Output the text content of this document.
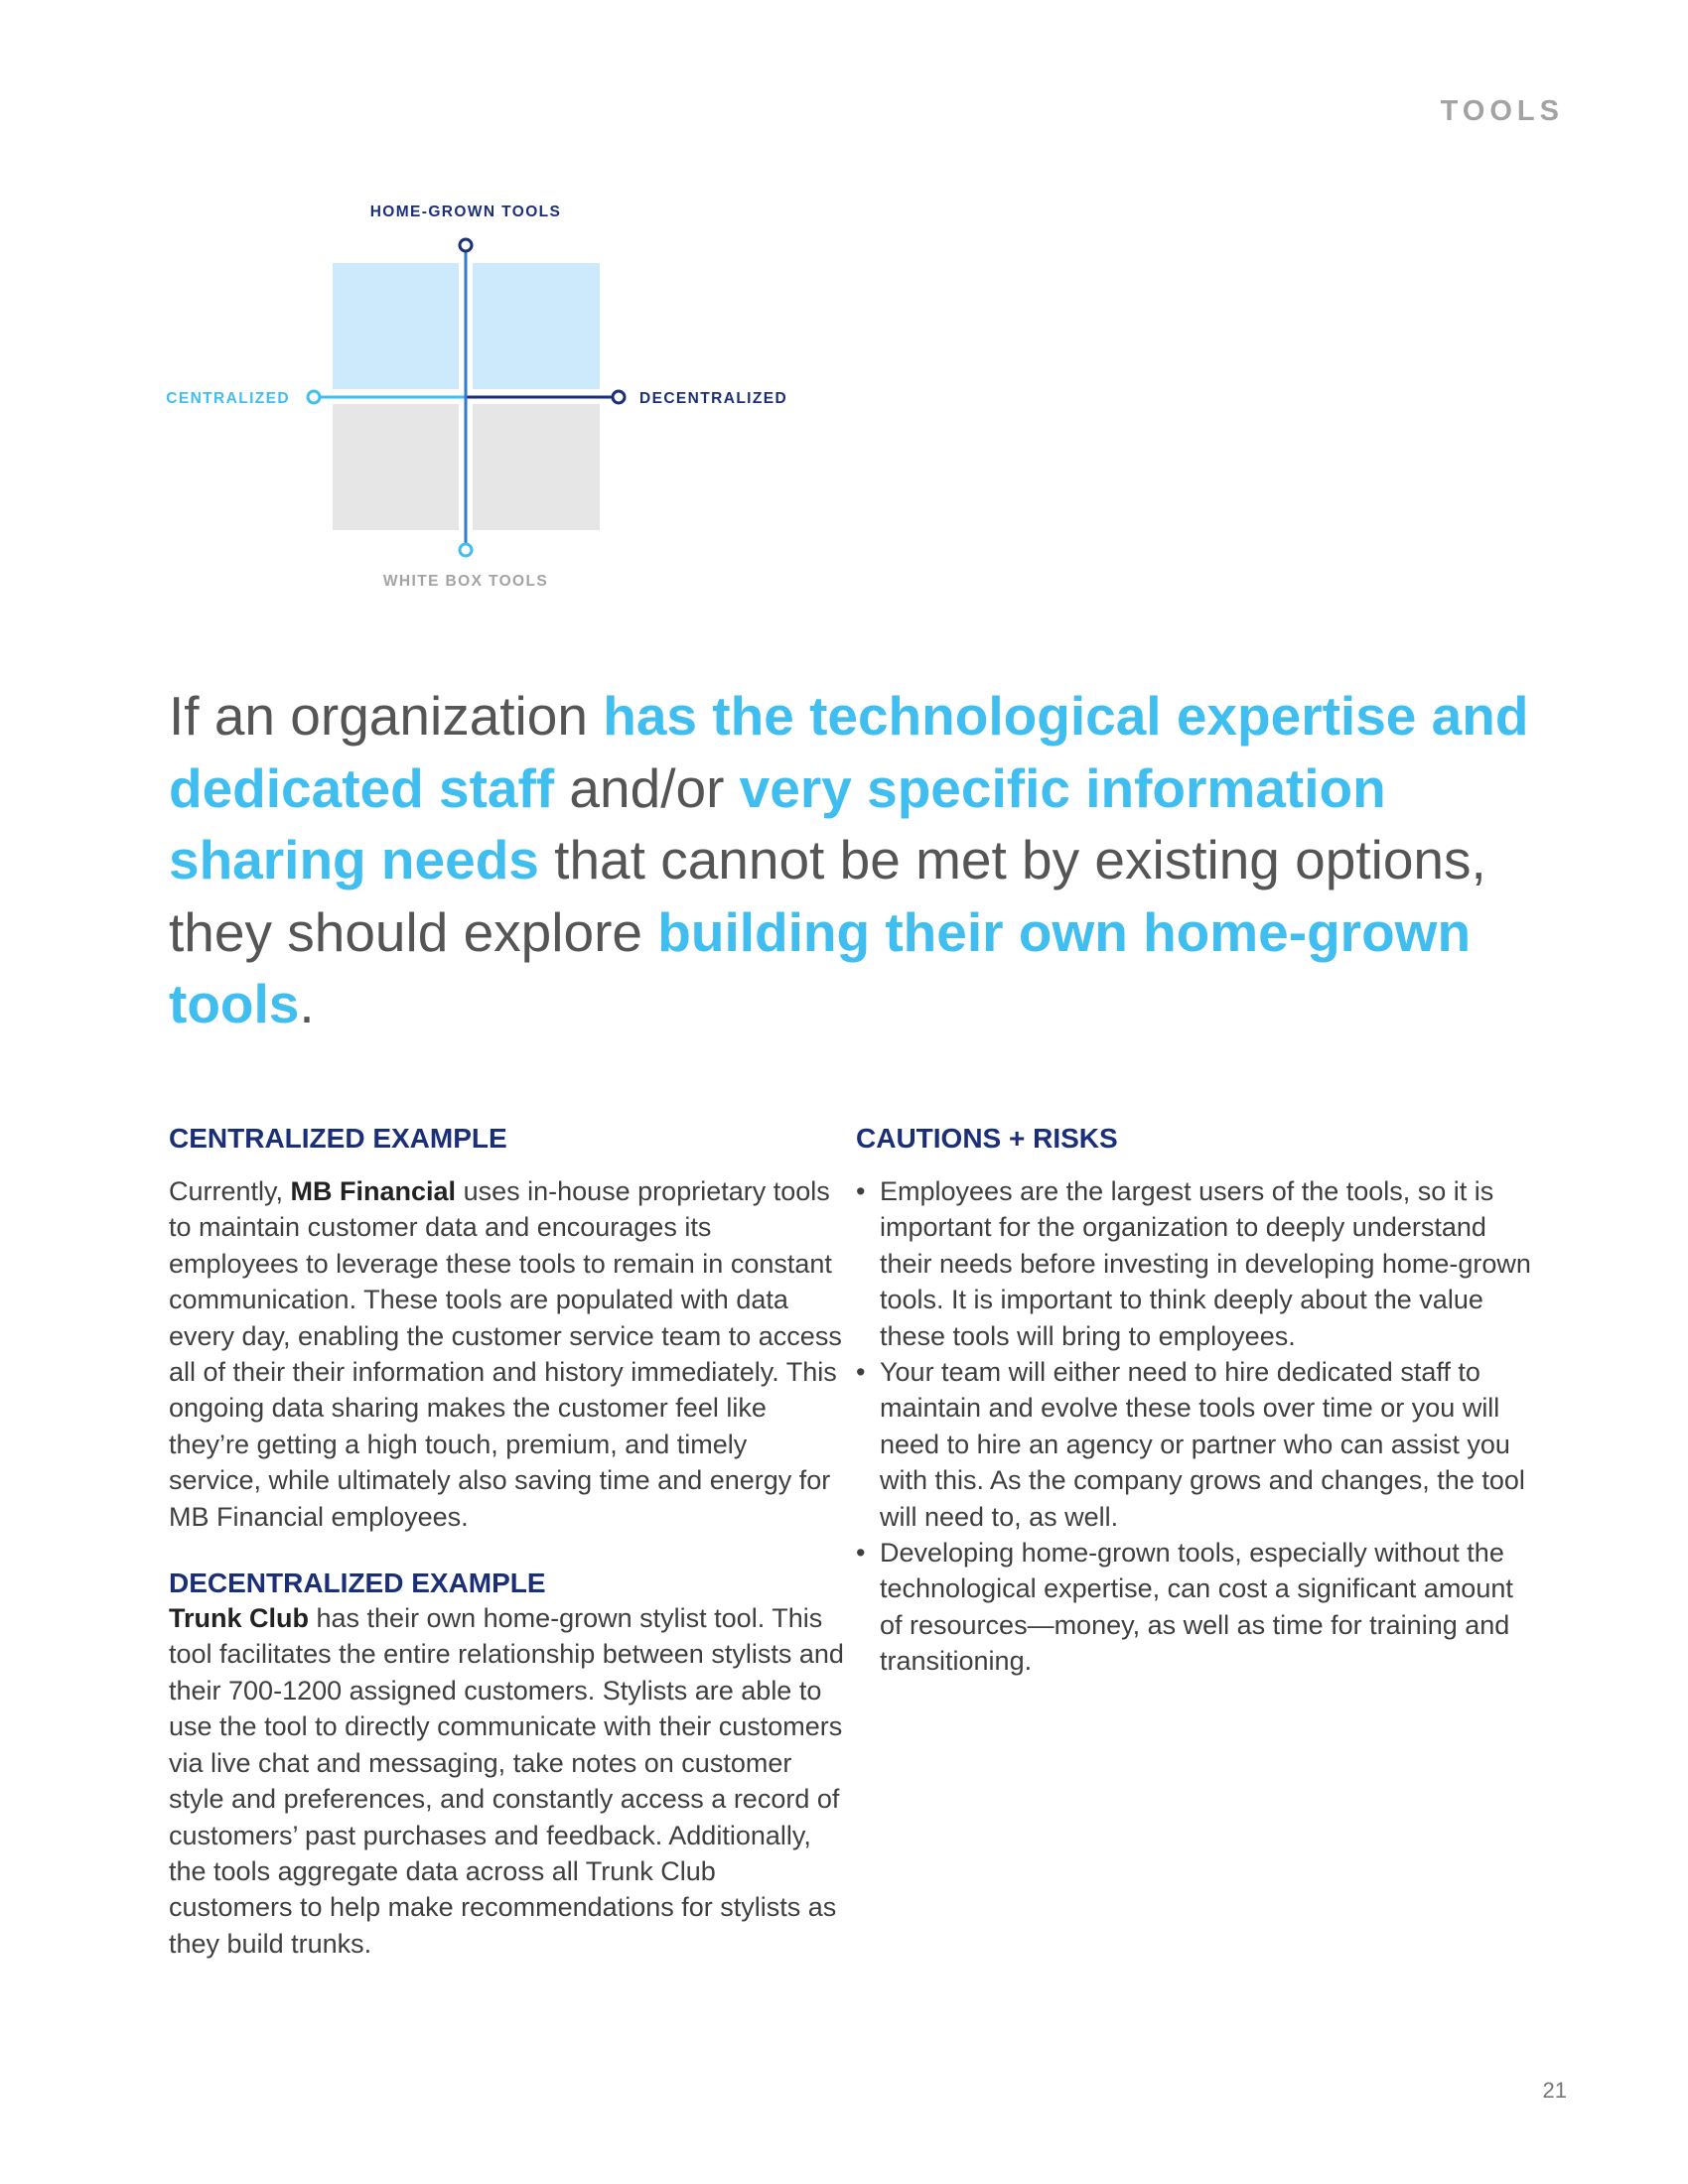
TOOLS
HOME-GROWN TOOLS
WHITE BOX TOOLS
CENTRALIZED	DECENTRALIZED

If an organization has the technological expertise and dedicated staff and/or very specific information sharing needs that cannot be met by existing options, they should explore building their own home-grown tools.

CENTRALIZED EXAMPLE

Currently, MB Financial uses in-house proprietary tools to maintain customer data and encourages its employees to leverage these tools to remain in constant communication. These tools are populated with data every day, enabling the customer service team to access all of their their information and history immediately. This ongoing data sharing makes the customer feel like they’re getting a high touch, premium, and timely service, while ultimately also saving time and energy for MB Financial employees.

DECENTRALIZED EXAMPLE

Trunk Club has their own home-grown stylist tool. This tool facilitates the entire relationship between stylists and their 700-1200 assigned customers. Stylists are able to use the tool to directly communicate with their customers via live chat and messaging, take notes on customer style and preferences, and constantly access a record of customers’ past purchases and feedback. Additionally, the tools aggregate data across all Trunk Club customers to help make recommendations for stylists as they build trunks.

CAUTIONS + RISKS
• Employees are the largest users of the tools, so it is important for the organization to deeply understand their needs before investing in developing home-grown tools. It is important to think deeply about the value these tools will bring to employees.
• Your team will either need to hire dedicated staff to maintain and evolve these tools over time or you will need to hire an agency or partner who can assist you with this. As the company grows and changes, the tool will need to, as well.
• Developing home-grown tools, especially without the technological expertise, can cost a significant amount of resources—money, as well as time for training and transitioning.
21
